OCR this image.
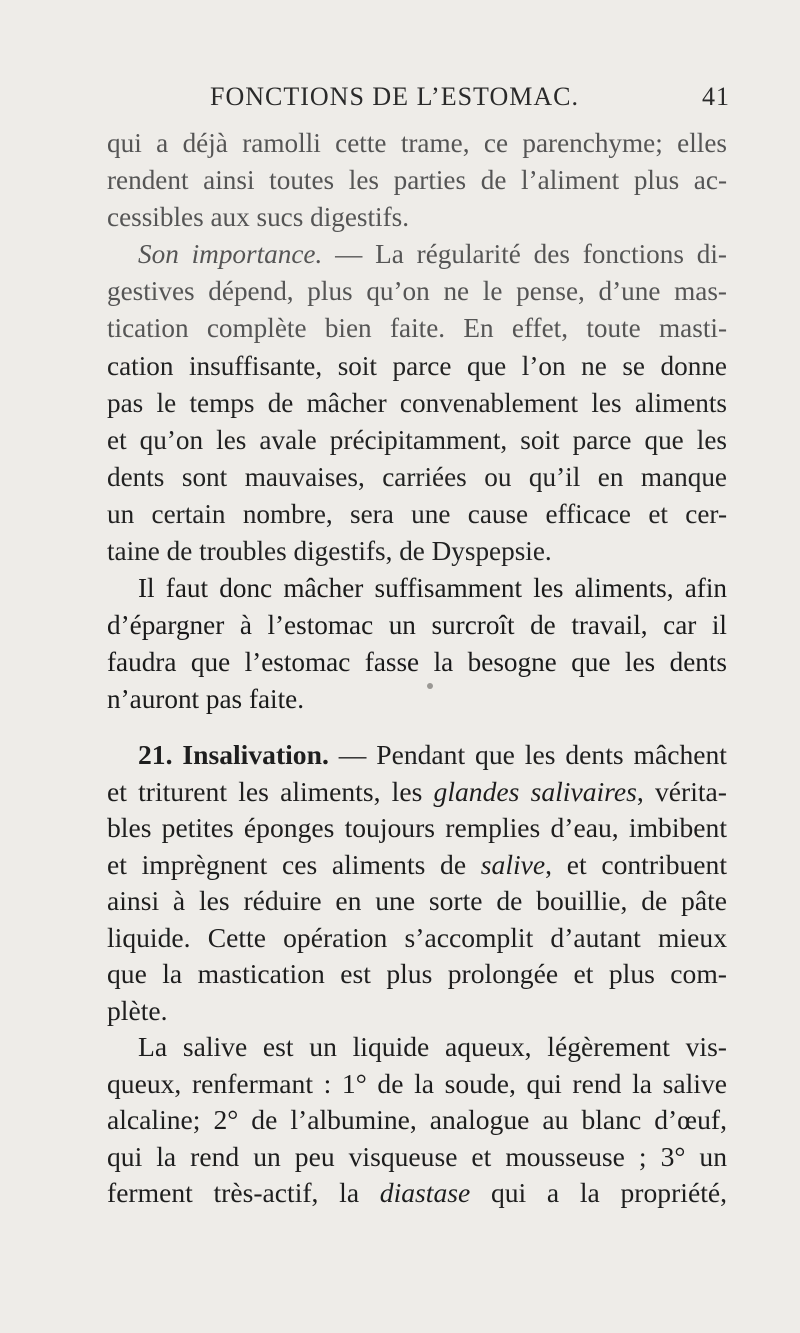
FONCTIONS DE L’ESTOMAC.	41

qui a déjà ramolli cette trame, ce parenchyme; elles

rendent ainsi toutes les parties de l’aliment plus ac-

cessibles aux sucs digestifs.

Son importance. — La régularité des fonctions di-

gestives dépend, plus qu’on ne le pense, d’une mas-

tication complète bien faite. En effet, toute masti-

cation insuffisante, soit parce que l’on ne se donne

pas le temps de mâcher convenablement les aliments

et qu’on les avale précipitamment, soit parce que les

dents sont mauvaises, carriées ou qu’il en manque

un certain nombre, sera une cause efficace et cer-

taine de troubles digestifs, de Dyspepsie.

Il faut donc mâcher suffisamment les aliments, afin

d’épargner à l’estomac un surcroît de travail, car il

faudra que l’estomac fasse la besogne que les dents

n’auront pas faite.

21. Insalivation. — Pendant que les dents mâchent

et triturent les aliments, les glandes salivaires, vérita-

bles petites éponges toujours remplies d’eau, imbibent

et imprègnent ces aliments de salive, et contribuent

ainsi à les réduire en une sorte de bouillie, de pâte

liquide. Cette opération s’accomplit d’autant mieux

que la mastication est plus prolongée et plus com-

plète.

La salive est un liquide aqueux, légèrement vis-

queux, renfermant : 1° de la soude, qui rend la salive

alcaline; 2° de l’albumine, analogue au blanc d’œuf,

qui la rend un peu visqueuse et mousseuse ; 3° un

ferment très-actif, la diastase qui a la propriété,
